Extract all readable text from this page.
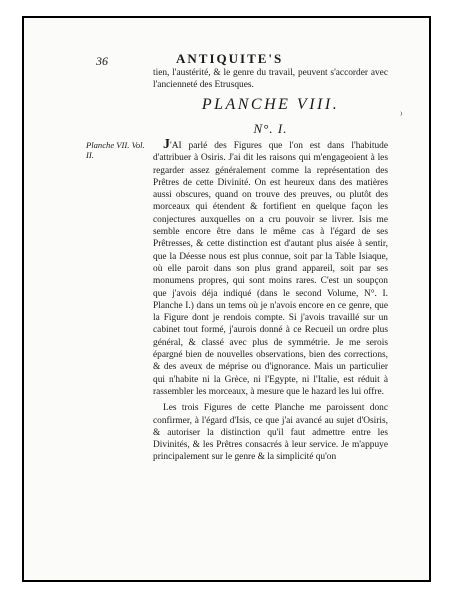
36	ANTIQUITE'S
tien, l'austérité, & le genre du travail, peuvent s'accorder avec l'ancienneté des Etrusques.
PLANCHE VIII.
⁾
N°. I.
Planche VII. Vol. II.

J'AI parlé des Figures que l'on est dans l'habitude d'attribuer à Osiris. J'ai dit les raisons qui m'engageoient à les regarder assez généralement comme la représentation des Prêtres de cette Divinité. On est heureux dans des matières aussi obscures, quand on trouve des preuves, ou plutôt des morceaux qui étendent & fortifient en quelque façon les conjectures auxquelles on a cru pouvoir se livrer. Isis me semble encore être dans le même cas à l'égard de ses Prêtresses, & cette distinction est d'autant plus aisée à sentir, que la Déesse nous est plus connue, soit par la Table Isiaque, où elle paroit dans son plus grand appareil, soit par ses monumens propres, qui sont moins rares. C'est un soupçon que j'avois déja indiqué (dans le second Volume, N°. I. Planche I.) dans un tems où je n'avois encore en ce genre, que la Figure dont je rendois compte. Si j'avois travaillé sur un cabinet tout formé, j'aurois donné à ce Recueil un ordre plus général, & classé avec plus de symmétrie. Je me serois épargné bien de nouvelles observations, bien des corrections, & des aveux de méprise ou d'ignorance. Mais un particulier qui n'habite ni la Grèce, ni l'Egypte, ni l'Italie, est réduit à rassembler les morceaux, à mesure que le hazard les lui offre.

Les trois Figures de cette Planche me paroissent donc confirmer, à l'égard d'Isis, ce que j'ai avancé au sujet d'Osiris, & autoriser la distinction qu'il faut admettre entre les Divinités, & les Prêtres consacrés à leur service. Je m'appuye principalement sur le genre & la simplicité qu'on
